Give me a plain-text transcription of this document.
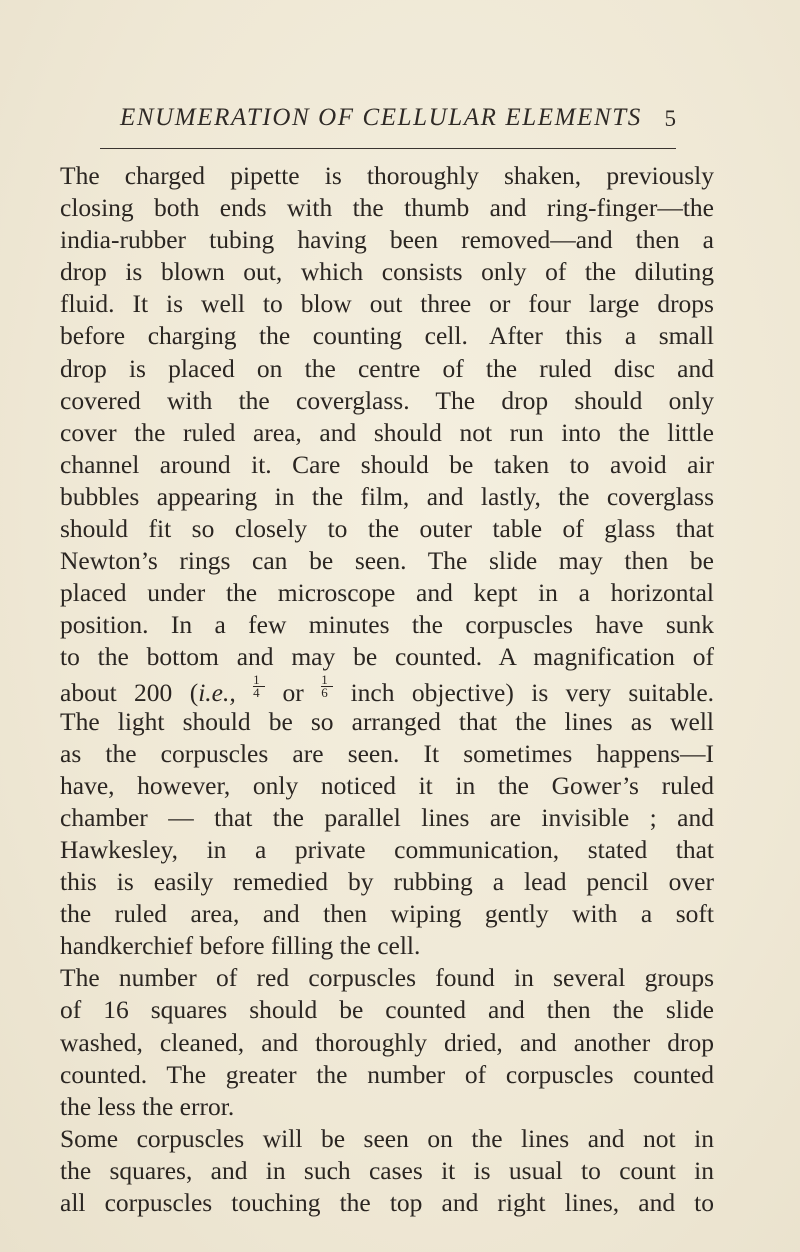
ENUMERATION OF CELLULAR ELEMENTS 5
The charged pipette is thoroughly shaken, previously
closing both ends with the thumb and ring-finger—the
india-rubber tubing having been removed—and then a
drop is blown out, which consists only of the diluting
fluid. It is well to blow out three or four large drops
before charging the counting cell. After this a small
drop is placed on the centre of the ruled disc and
covered with the coverglass. The drop should only
cover the ruled area, and should not run into the little
channel around it. Care should be taken to avoid air
bubbles appearing in the film, and lastly, the coverglass
should fit so closely to the outer table of glass that
Newton’s rings can be seen. The slide may then be
placed under the microscope and kept in a horizontal
position. In a few minutes the corpuscles have sunk
to the bottom and may be counted. A magnification of
about 200 (i.e., $\frac{1}{4}$ or $\frac{1}{6}$ inch objective) is very suitable.
The light should be so arranged that the lines as well
as the corpuscles are seen. It sometimes happens—I
have, however, only noticed it in the Gower’s ruled
chamber — that the parallel lines are invisible ; and
Hawkesley, in a private communication, stated that
this is easily remedied by rubbing a lead pencil over
the ruled area, and then wiping gently with a soft
handkerchief before filling the cell.
The number of red corpuscles found in several groups
of 16 squares should be counted and then the slide
washed, cleaned, and thoroughly dried, and another drop
counted. The greater the number of corpuscles counted
the less the error.
Some corpuscles will be seen on the lines and not in
the squares, and in such cases it is usual to count in
all corpuscles touching the top and right lines, and to
